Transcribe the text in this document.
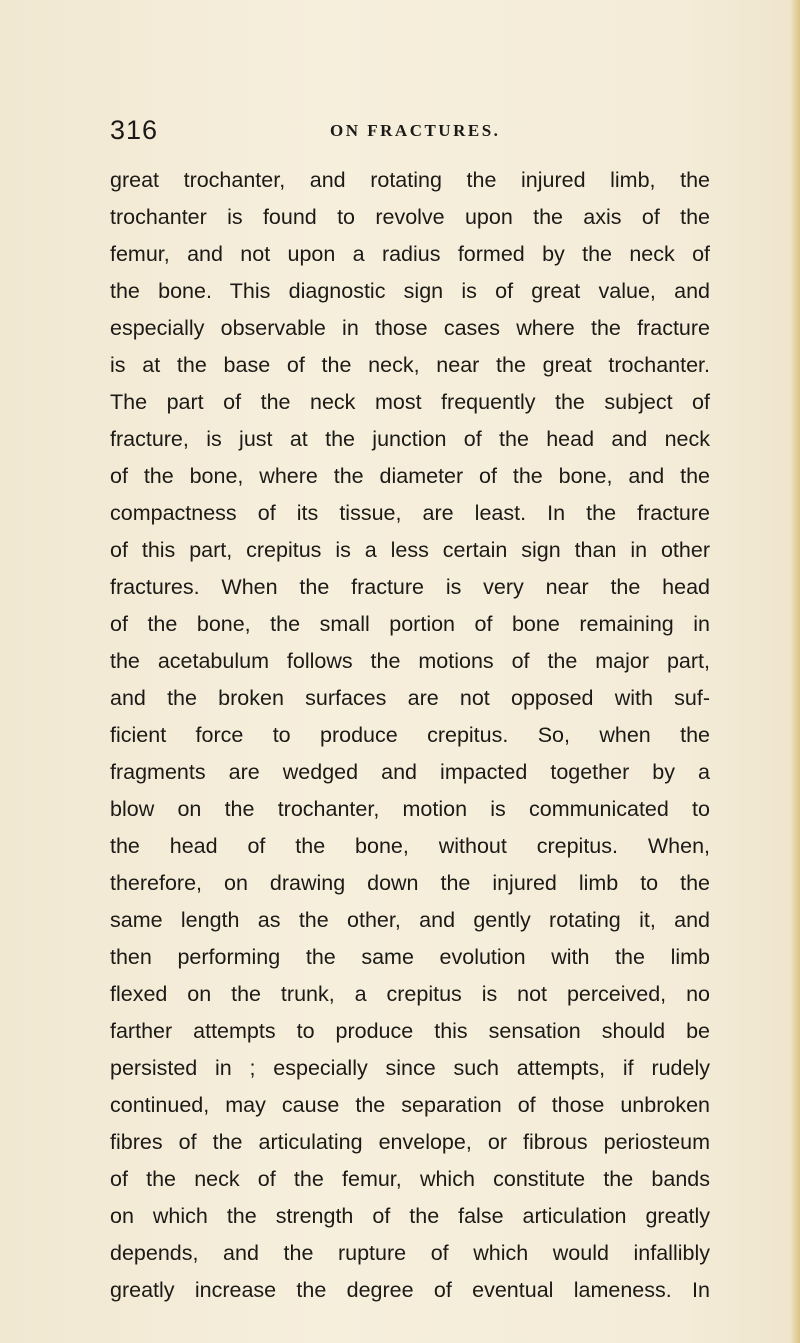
316	ON FRACTURES.
great trochanter, and rotating the injured limb, the
trochanter is found to revolve upon the axis of the
femur, and not upon a radius formed by the neck of
the bone. This diagnostic sign is of great value, and
especially observable in those cases where the fracture
is at the base of the neck, near the great trochanter.
The part of the neck most frequently the subject of
fracture, is just at the junction of the head and neck
of the bone, where the diameter of the bone, and the
compactness of its tissue, are least. In the fracture
of this part, crepitus is a less certain sign than in other
fractures. When the fracture is very near the head
of the bone, the small portion of bone remaining in
the acetabulum follows the motions of the major part,
and the broken surfaces are not opposed with suf-
ficient force to produce crepitus. So, when the
fragments are wedged and impacted together by a
blow on the trochanter, motion is communicated to
the head of the bone, without crepitus. When,
therefore, on drawing down the injured limb to the
same length as the other, and gently rotating it, and
then performing the same evolution with the limb
flexed on the trunk, a crepitus is not perceived, no
farther attempts to produce this sensation should be
persisted in ; especially since such attempts, if rudely
continued, may cause the separation of those unbroken
fibres of the articulating envelope, or fibrous periosteum
of the neck of the femur, which constitute the bands
on which the strength of the false articulation greatly
depends, and the rupture of which would infallibly
greatly increase the degree of eventual lameness. In
